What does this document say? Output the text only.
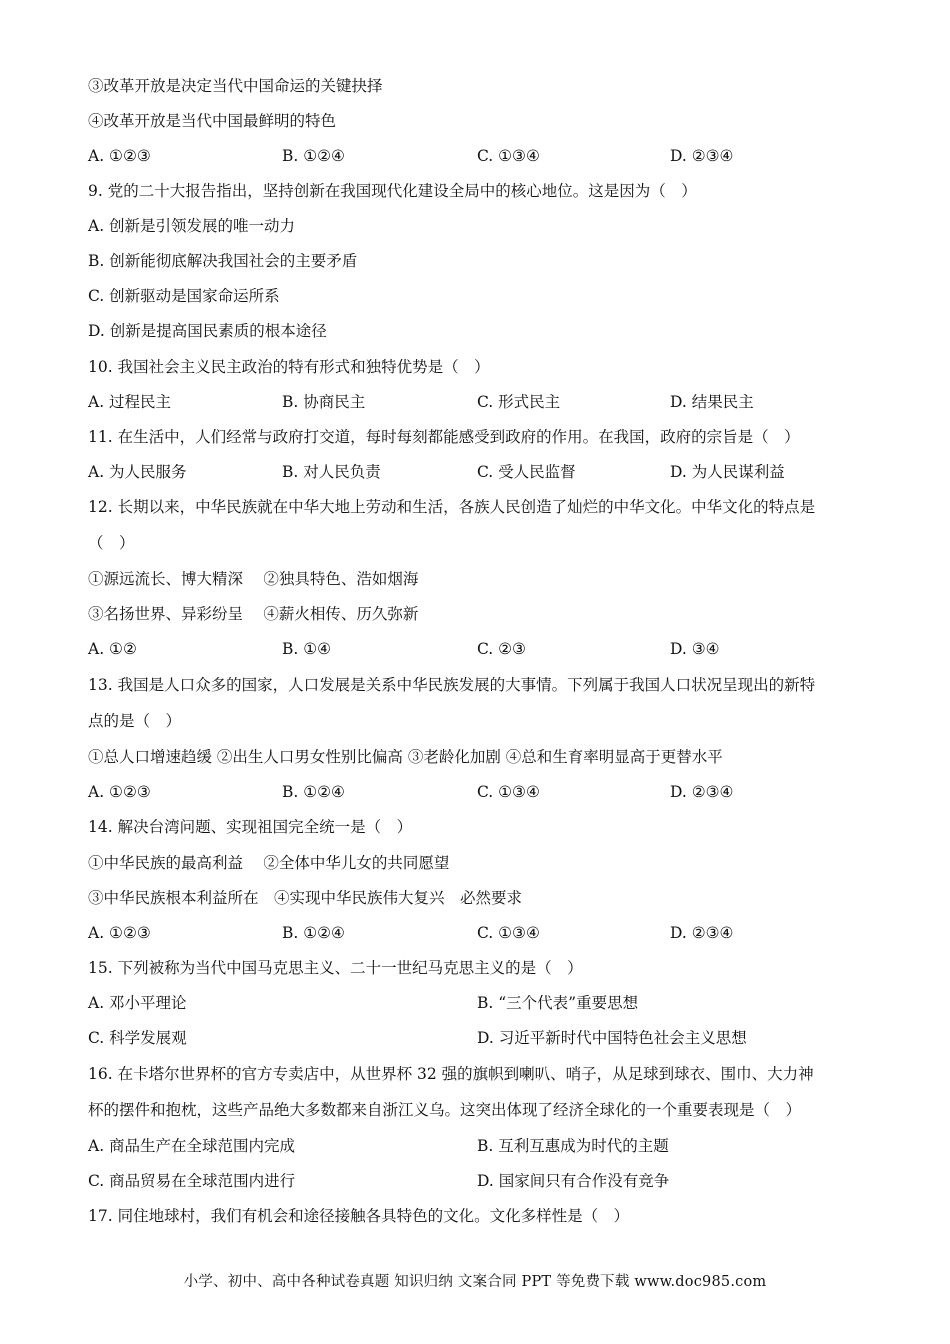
③改革开放是决定当代中国命运的关键抉择
④改革开放是当代中国最鲜明的特色
A. ①②③	B. ①②④	C. ①③④	D. ②③④
9. 党的二十大报告指出，坚持创新在我国现代化建设全局中的核心地位。这是因为（　）
A. 创新是引领发展的唯一动力
B. 创新能彻底解决我国社会的主要矛盾
C. 创新驱动是国家命运所系
D. 创新是提高国民素质的根本途径
10. 我国社会主义民主政治的特有形式和独特优势是（　）
A. 过程民主	B. 协商民主	C. 形式民主	D. 结果民主
11. 在生活中，人们经常与政府打交道，每时每刻都能感受到政府的作用。在我国，政府的宗旨是（　）
A. 为人民服务	B. 对人民负责	C. 受人民监督	D. 为人民谋利益
12. 长期以来，中华民族就在中华大地上劳动和生活，各族人民创造了灿烂的中华文化。中华文化的特点是
（　）
①源远流长、博大精深　 ②独具特色、浩如烟海
③名扬世界、异彩纷呈　 ④薪火相传、历久弥新
A. ①②	B. ①④	C. ②③	D. ③④
13. 我国是人口众多的国家，人口发展是关系中华民族发展的大事情。下列属于我国人口状况呈现出的新特
点的是（　）
①总人口增速趋缓 ②出生人口男女性别比偏高 ③老龄化加剧 ④总和生育率明显高于更替水平
A. ①②③	B. ①②④	C. ①③④	D. ②③④
14. 解决台湾问题、实现祖国完全统一是（　）
①中华民族的最高利益　 ②全体中华儿女的共同愿望
③中华民族根本利益所在　④实现中华民族伟大复兴　必然要求
A. ①②③	B. ①②④	C. ①③④	D. ②③④
15. 下列被称为当代中国马克思主义、二十一世纪马克思主义的是（　）
A. 邓小平理论	B. “三个代表”重要思想
C. 科学发展观	D. 习近平新时代中国特色社会主义思想
16. 在卡塔尔世界杯的官方专卖店中，从世界杯 32 强的旗帜到喇叭、哨子，从足球到球衣、围巾、大力神
杯的摆件和抱枕，这些产品绝大多数都来自浙江义乌。这突出体现了经济全球化的一个重要表现是（　）
A. 商品生产在全球范围内完成	B. 互利互惠成为时代的主题
C. 商品贸易在全球范围内进行	D. 国家间只有合作没有竞争
17. 同住地球村，我们有机会和途径接触各具特色的文化。文化多样性是（　）
小学、初中、高中各种试卷真题 知识归纳 文案合同 PPT 等免费下载 www.doc985.com
